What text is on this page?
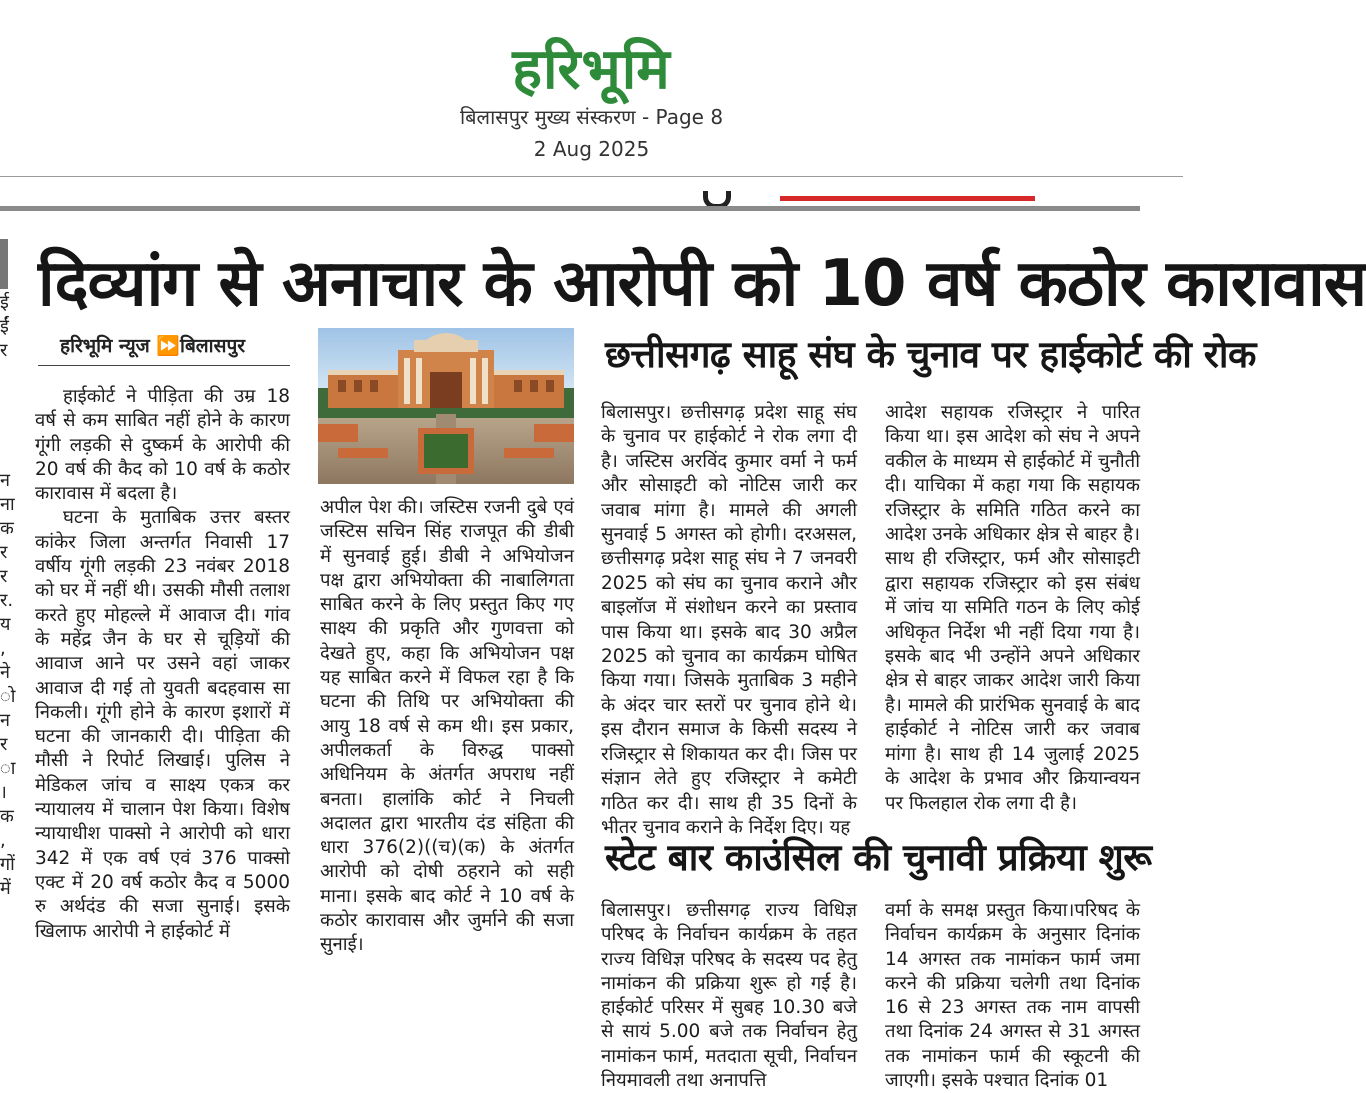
हरिभूमि
बिलासपुर मुख्य संस्करण - Page 8
2 Aug 2025
ई
ईं
र
न
ना
क
र
र
र.
य
,
ने
ो
न
र
ा
।
क
,
गों
में
दिव्यांग से अनाचार के आरोपी को 10 वर्ष कठोर कारावास
हरिभूमि न्यूज ⏩बिलासपुर

हाईकोर्ट ने पीड़िता की उम्र 18 वर्ष से कम साबित नहीं होने के कारण गूंगी लड़की से दुष्कर्म के आरोपी की 20 वर्ष की कैद को 10 वर्ष के कठोर कारावास में बदला है।

घटना के मुताबिक उत्तर बस्तर कांकेर जिला अन्तर्गत निवासी 17 वर्षीय गूंगी लड़की 23 नवंबर 2018 को घर में नहीं थी। उसकी मौसी तलाश करते हुए मोहल्ले में आवाज दी। गांव के महेंद्र जैन के घर से चूड़ियों की आवाज आने पर उसने वहां जाकर आवाज दी गई तो युवती बदहवास सा निकली। गूंगी होने के कारण इशारों में घटना की जानकारी दी। पीड़िता की मौसी ने रिपोर्ट लिखाई। पुलिस ने मेडिकल जांच व साक्ष्य एकत्र कर न्यायालय में चालान पेश किया। विशेष न्यायाधीश पाक्सो ने आरोपी को धारा 342 में एक वर्ष एवं 376 पाक्सो एक्ट में 20 वर्ष कठोर कैद व 5000 रु अर्थदंड की सजा सुनाई। इसके खिलाफ आरोपी ने हाईकोर्ट में

अपील पेश की। जस्टिस रजनी दुबे एवं जस्टिस सचिन सिंह राजपूत की डीबी में सुनवाई हुई। डीबी ने अभियोजन पक्ष द्वारा अभियोक्ता की नाबालिगता साबित करने के लिए प्रस्तुत किए गए साक्ष्य की प्रकृति और गुणवत्ता को देखते हुए, कहा कि अभियोजन पक्ष यह साबित करने में विफल रहा है कि घटना की तिथि पर अभियोक्ता की आयु 18 वर्ष से कम थी। इस प्रकार, अपीलकर्ता के विरुद्ध पाक्सो अधिनियम के अंतर्गत अपराध नहीं बनता। हालांकि कोर्ट ने निचली अदालत द्वारा भारतीय दंड संहिता की धारा 376(2)((च)(क) के अंतर्गत आरोपी को दोषी ठहराने को सही माना। इसके बाद कोर्ट ने 10 वर्ष के कठोर कारावास और जुर्माने की सजा सुनाई।

छत्तीसगढ़ साहू संघ के चुनाव पर हाईकोर्ट की रोक

बिलासपुर। छत्तीसगढ़ प्रदेश साहू संघ के चुनाव पर हाईकोर्ट ने रोक लगा दी है। जस्टिस अरविंद कुमार वर्मा ने फर्म और सोसाइटी को नोटिस जारी कर जवाब मांगा है। मामले की अगली सुनवाई 5 अगस्त को होगी। दरअसल, छत्तीसगढ़ प्रदेश साहू संघ ने 7 जनवरी 2025 को संघ का चुनाव कराने और बाइलॉज में संशोधन करने का प्रस्ताव पास किया था। इसके बाद 30 अप्रैल 2025 को चुनाव का कार्यक्रम घोषित किया गया। जिसके मुताबिक 3 महीने के अंदर चार स्तरों पर चुनाव होने थे। इस दौरान समाज के किसी सदस्य ने रजिस्ट्रार से शिकायत कर दी। जिस पर संज्ञान लेते हुए रजिस्ट्रार ने कमेटी गठित कर दी। साथ ही 35 दिनों के भीतर चुनाव कराने के निर्देश दिए। यह

आदेश सहायक रजिस्ट्रार ने पारित किया था। इस आदेश को संघ ने अपने वकील के माध्यम से हाईकोर्ट में चुनौती दी। याचिका में कहा गया कि सहायक रजिस्ट्रार के समिति गठित करने का आदेश उनके अधिकार क्षेत्र से बाहर है। साथ ही रजिस्ट्रार, फर्म और सोसाइटी द्वारा सहायक रजिस्ट्रार को इस संबंध में जांच या समिति गठन के लिए कोई अधिकृत निर्देश भी नहीं दिया गया है। इसके बाद भी उन्होंने अपने अधिकार क्षेत्र से बाहर जाकर आदेश जारी किया है। मामले की प्रारंभिक सुनवाई के बाद हाईकोर्ट ने नोटिस जारी कर जवाब मांगा है। साथ ही 14 जुलाई 2025 के आदेश के प्रभाव और क्रियान्वयन पर फिलहाल रोक लगा दी है।

स्टेट बार काउंसिल की चुनावी प्रक्रिया शुरू

बिलासपुर। छत्तीसगढ़ राज्य विधिज्ञ परिषद के निर्वाचन कार्यक्रम के तहत राज्य विधिज्ञ परिषद के सदस्य पद हेतु नामांकन की प्रक्रिया शुरू हो गई है। हाईकोर्ट परिसर में सुबह 10.30 बजे से सायं 5.00 बजे तक निर्वाचन हेतु नामांकन फार्म, मतदाता सूची, निर्वाचन नियमावली तथा अनापत्ति

वर्मा के समक्ष प्रस्तुत किया।परिषद के निर्वाचन कार्यक्रम के अनुसार दिनांक 14 अगस्त तक नामांकन फार्म जमा करने की प्रक्रिया चलेगी तथा दिनांक 16 से 23 अगस्त तक नाम वापसी तथा दिनांक 24 अगस्त से 31 अगस्त तक नामांकन फार्म की स्कूटनी की जाएगी। इसके पश्चात दिनांक 01
